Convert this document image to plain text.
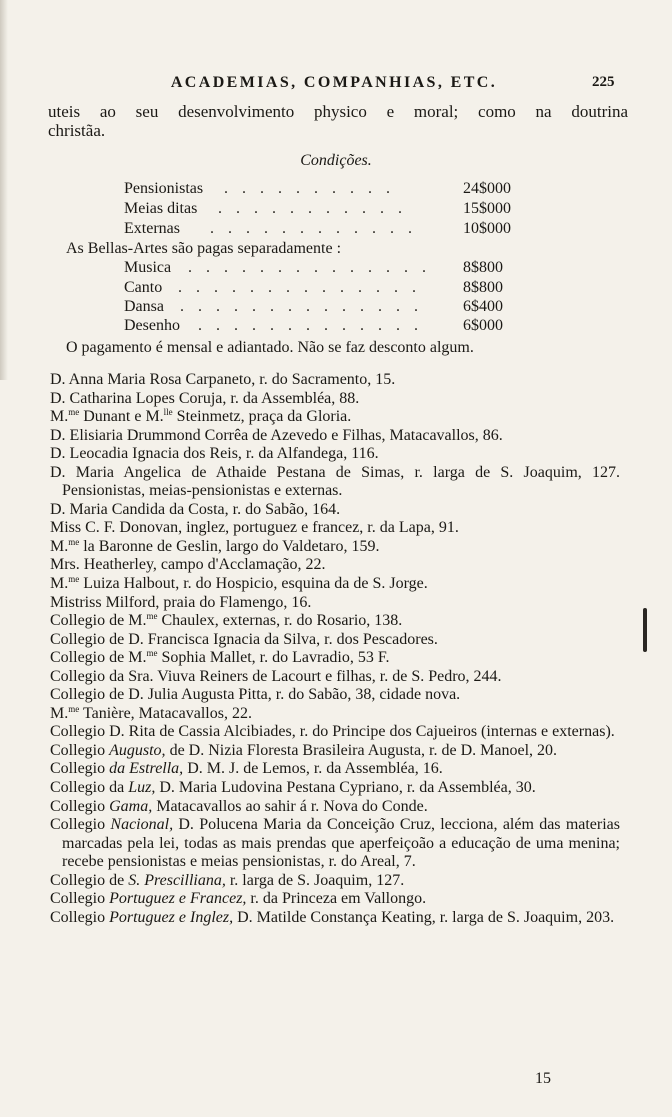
ACADEMIAS, COMPANHIAS, ETC.	225
uteis ao seu desenvolvimento physico e moral; como na doutrina
christãa.
Condições.
Pensionistas . . . . . . . . . .	24$000
Meias ditas . . . . . . . . . . .	15$000
Externas . . . . . . . . . . . .	10$000
As Bellas-Artes são pagas separadamente :
Musica . . . . . . . . . . . . . . 8$800
Canto . . . . . . . . . . . . . .	8$800
Dansa . . . . . . . . . . . . . .	6$400
Desenho . . . . . . . . . . . . .	6$000
O pagamento é mensal e adiantado. Não se faz desconto algum.

D. Anna Maria Rosa Carpaneto, r. do Sacramento, 15.

D. Catharina Lopes Coruja, r. da Assembléa, 88.

M.$^{me}$ Dunant e M.$^{lle}$ Steinmetz, praça da Gloria.

D. Elisiaria Drummond Corrêa de Azevedo e Filhas, Matacavallos, 86.

D. Leocadia Ignacia dos Reis, r. da Alfandega, 116.

D. Maria Angelica de Athaide Pestana de Simas, r. larga de S. Joaquim, 127. Pensionistas, meias-pensionistas e externas.

D. Maria Candida da Costa, r. do Sabão, 164.

Miss C. F. Donovan, inglez, portuguez e francez, r. da Lapa, 91.

M.$^{me}$ la Baronne de Geslin, largo do Valdetaro, 159.

Mrs. Heatherley, campo d'Acclamação, 22.

M.$^{me}$ Luiza Halbout, r. do Hospicio, esquina da de S. Jorge.

Mistriss Milford, praia do Flamengo, 16.

Collegio de M.$^{me}$ Chaulex, externas, r. do Rosario, 138.

Collegio de D. Francisca Ignacia da Silva, r. dos Pescadores.

Collegio de M.$^{me}$ Sophia Mallet, r. do Lavradio, 53 F.

Collegio da Sra. Viuva Reiners de Lacourt e filhas, r. de S. Pedro, 244.

Collegio de D. Julia Augusta Pitta, r. do Sabão, 38, cidade nova.

M.$^{me}$ Tanière, Matacavallos, 22.

Collegio D. Rita de Cassia Alcibiades, r. do Principe dos Cajueiros (internas e externas).

Collegio Augusto, de D. Nizia Floresta Brasileira Augusta, r. de D. Manoel, 20.

Collegio da Estrella, D. M. J. de Lemos, r. da Assembléa, 16.

Collegio da Luz, D. Maria Ludovina Pestana Cypriano, r. da Assembléa, 30.

Collegio Gama, Matacavallos ao sahir á r. Nova do Conde.

Collegio Nacional, D. Polucena Maria da Conceição Cruz, lecciona, além das materias marcadas pela lei, todas as mais prendas que aperfeiçoão a educação de uma menina; recebe pensionistas e meias pensionistas, r. do Areal, 7.

Collegio de S. Prescilliana, r. larga de S. Joaquim, 127.

Collegio Portuguez e Francez, r. da Princeza em Vallongo.

Collegio Portuguez e Inglez, D. Matilde Constança Keating, r. larga de S. Joaquim, 203.

15
